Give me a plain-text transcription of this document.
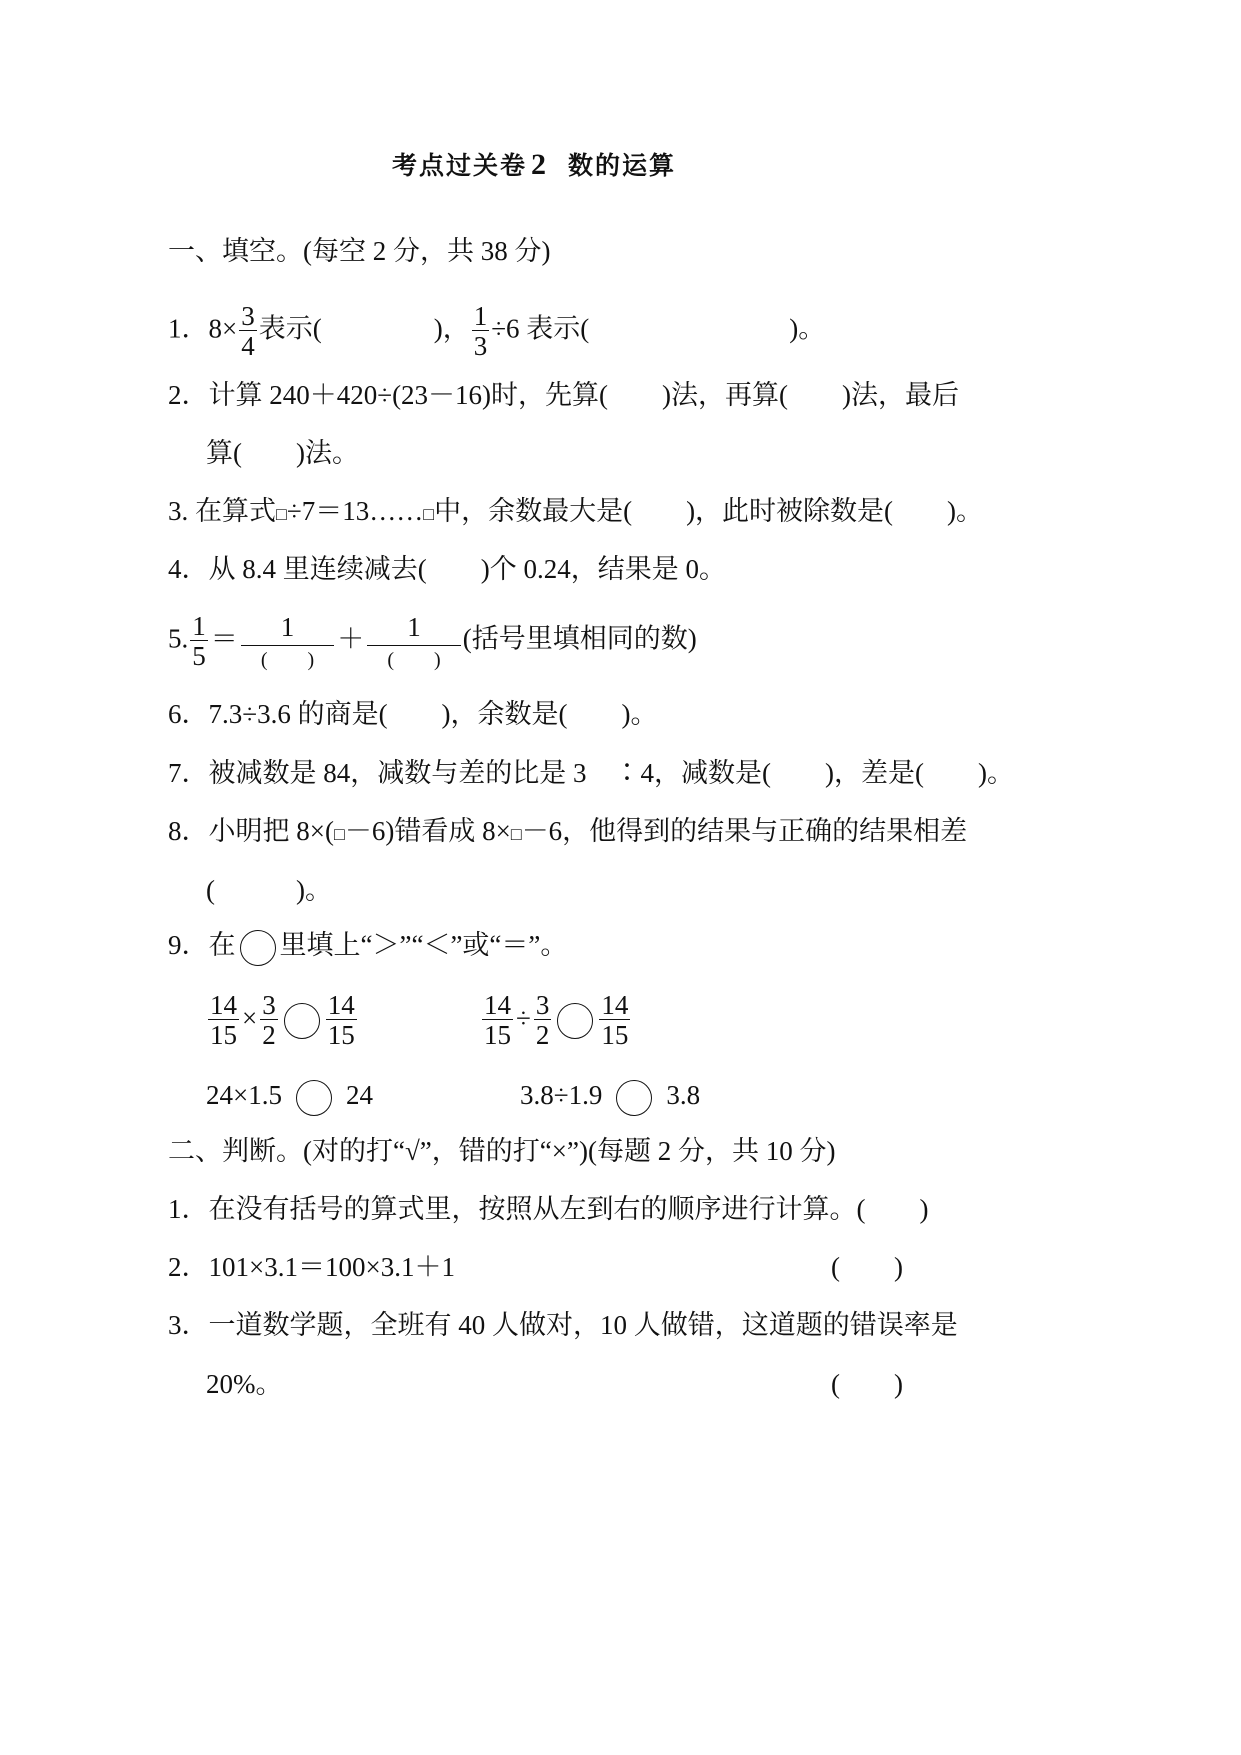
考点过关卷 2 数的运算
一、填空。(每空 2 分，共 38 分)
1．$8\times \frac{3}{4}$ 表示(	)， $\frac{1}{3} \div 6$ 表示(	)。
2．计算 240＋420÷(23－16)时，先算(　　)法，再算(　　)法，最后
算(　　)法。
3. 在算式□÷7＝13……□中，余数最大是(　　)，此时被除数是(　　)。
4．从 8.4 里连续减去(　　)个 0.24，结果是 0。
5. $\frac{1}{5} = \frac{1}{( )} + \frac{1}{( )}$ (括号里填相同的数)
6．7.3÷3.6 的商是(　　)，余数是(　　)。
7．被减数是 84，减数与差的比是 3　∶4，减数是(　　)，差是(　　)。
8．小明把 8×(□－6)错看成 8×□－6，他得到的结果与正确的结果相差
(　　　)。
9．在 里填上“＞”“＜”或“＝”。
$\frac{14}{15} \times \frac{3}{2} \frac{14}{15}$	$\frac{14}{15} \div \frac{3}{2} \frac{14}{15}$
24×1.5 24	3.8÷1.9 3.8
二、判断。(对的打“√”，错的打“×”)(每题 2 分，共 10 分)
1．在没有括号的算式里，按照从左到右的顺序进行计算。(　　)
2．101×3.1＝100×3.1＋1	(　　)
3．一道数学题，全班有 40 人做对，10 人做错，这道题的错误率是
20%。	(　　)
